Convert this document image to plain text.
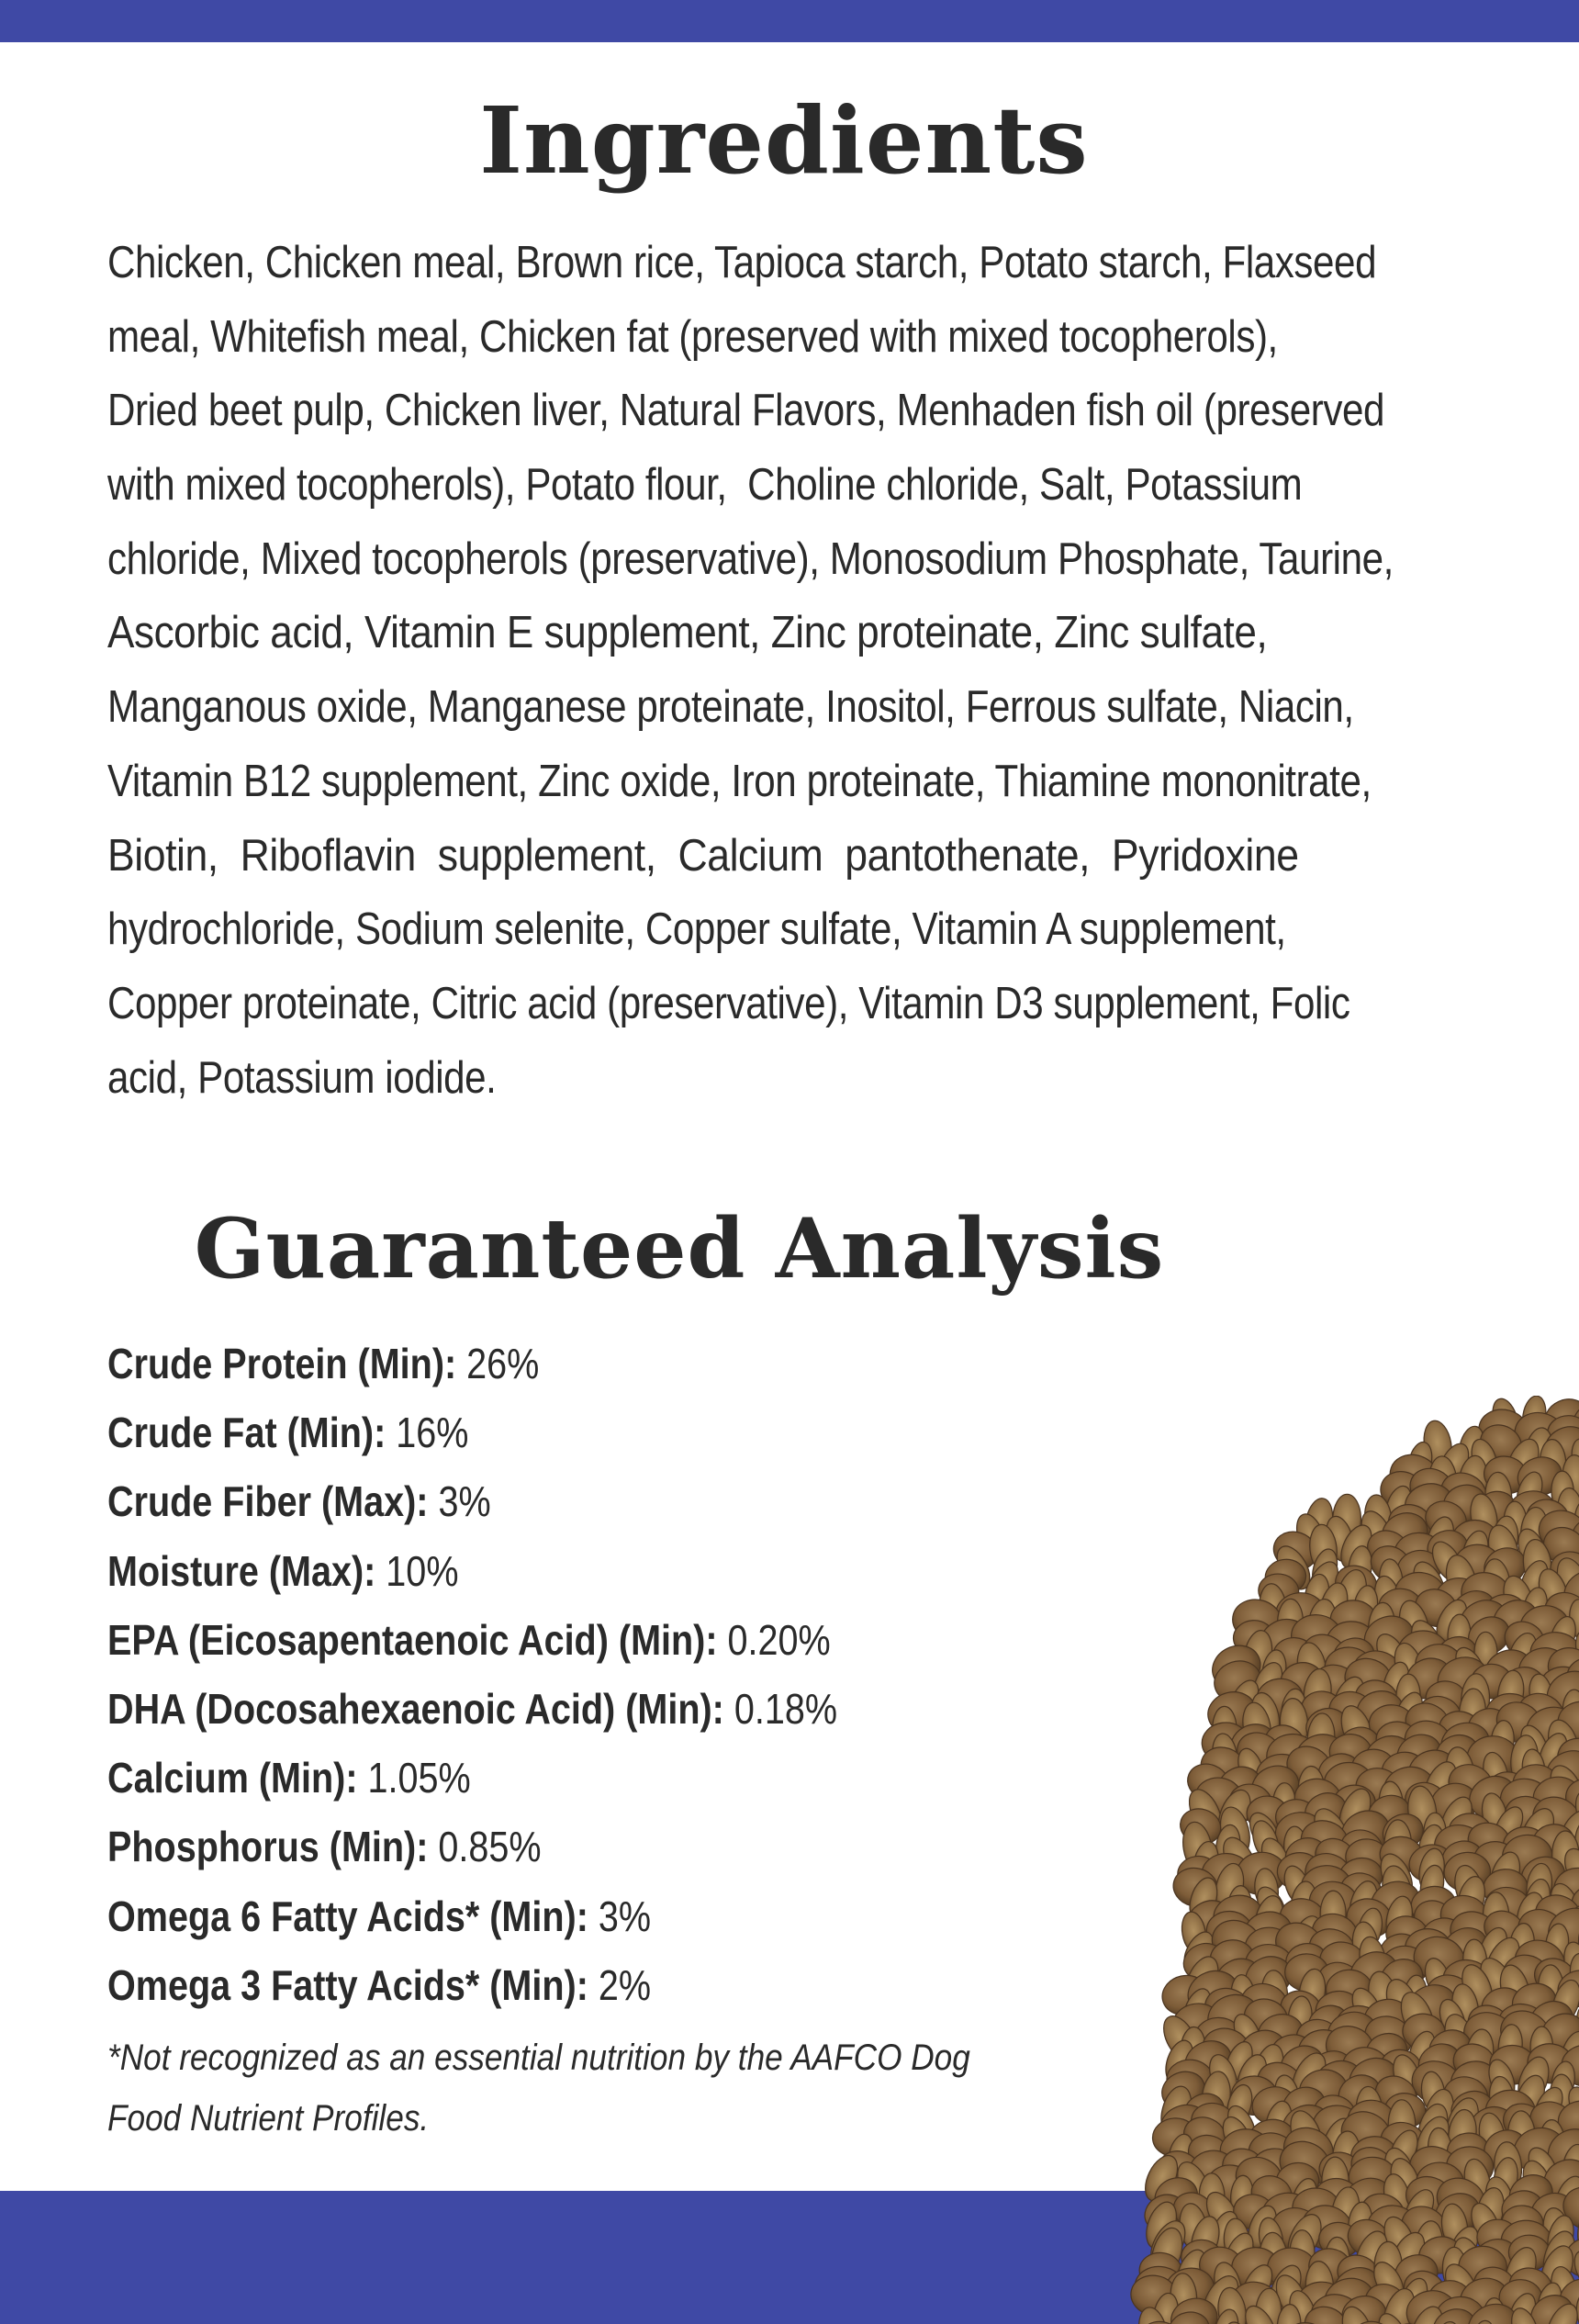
Ingredients
Chicken, Chicken meal, Brown rice, Tapioca starch, Potato starch, Flaxseed
meal, Whitefish meal, Chicken fat (preserved with mixed tocopherols),
Dried beet pulp, Chicken liver, Natural Flavors, Menhaden fish oil (preserved
with mixed tocopherols), Potato flour,  Choline chloride, Salt, Potassium
chloride, Mixed tocopherols (preservative), Monosodium Phosphate, Taurine,
Ascorbic acid, Vitamin E supplement, Zinc proteinate, Zinc sulfate,
Manganous oxide, Manganese proteinate, Inositol, Ferrous sulfate, Niacin,
Vitamin B12 supplement, Zinc oxide, Iron proteinate, Thiamine mononitrate,
Biotin,  Riboflavin  supplement,  Calcium  pantothenate,  Pyridoxine
hydrochloride, Sodium selenite, Copper sulfate, Vitamin A supplement,
Copper proteinate, Citric acid (preservative), Vitamin D3 supplement, Folic
acid, Potassium iodide.
Guaranteed Analysis
Crude Protein (Min): 26%
Crude Fat (Min): 16%
Crude Fiber (Max): 3%
Moisture (Max): 10%
EPA (Eicosapentaenoic Acid) (Min): 0.20%
DHA (Docosahexaenoic Acid) (Min): 0.18%
Calcium (Min): 1.05%
Phosphorus (Min): 0.85%
Omega 6 Fatty Acids* (Min): 3%
Omega 3 Fatty Acids* (Min): 2%
*Not recognized as an essential nutrition by the AAFCO Dog
Food Nutrient Profiles.
